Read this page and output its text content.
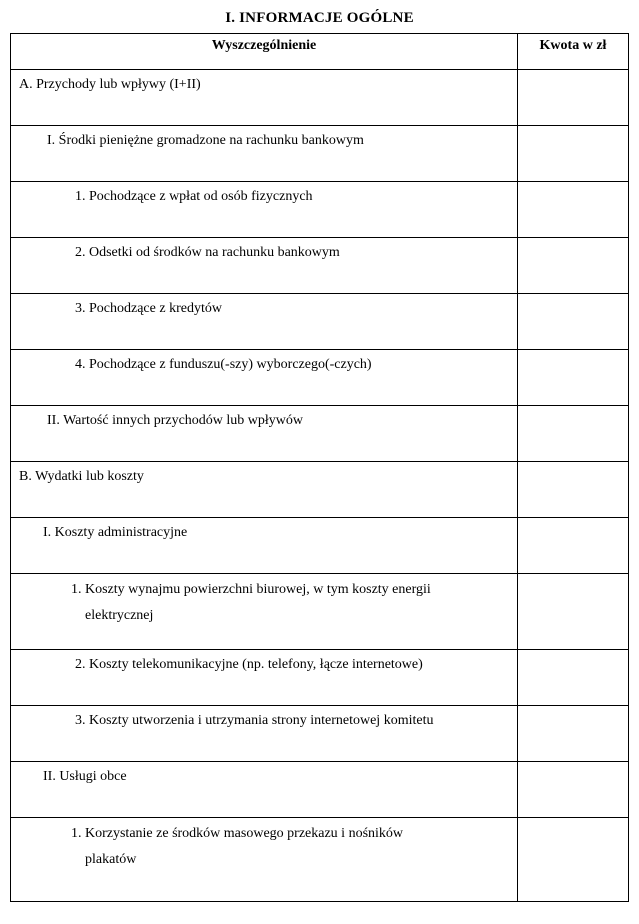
I. INFORMACJE OGÓLNE
Wyszczególnienie	Kwota w zł

A. Przychody lub wpływy (I+II)

I. Środki pieniężne gromadzone na rachunku bankowym

1. Pochodzące z wpłat od osób fizycznych

2. Odsetki od środków na rachunku bankowym

3. Pochodzące z kredytów

4. Pochodzące z funduszu(-szy) wyborczego(-czych)

II. Wartość innych przychodów lub wpływów

B. Wydatki lub koszty

I. Koszty administracyjne

1. Koszty wynajmu powierzchni biurowej, w tym koszty energii
elektrycznej

2. Koszty telekomunikacyjne (np. telefony, łącze internetowe)

3. Koszty utworzenia i utrzymania strony internetowej komitetu

II. Usługi obce

1. Korzystanie ze środków masowego przekazu i nośników
plakatów
